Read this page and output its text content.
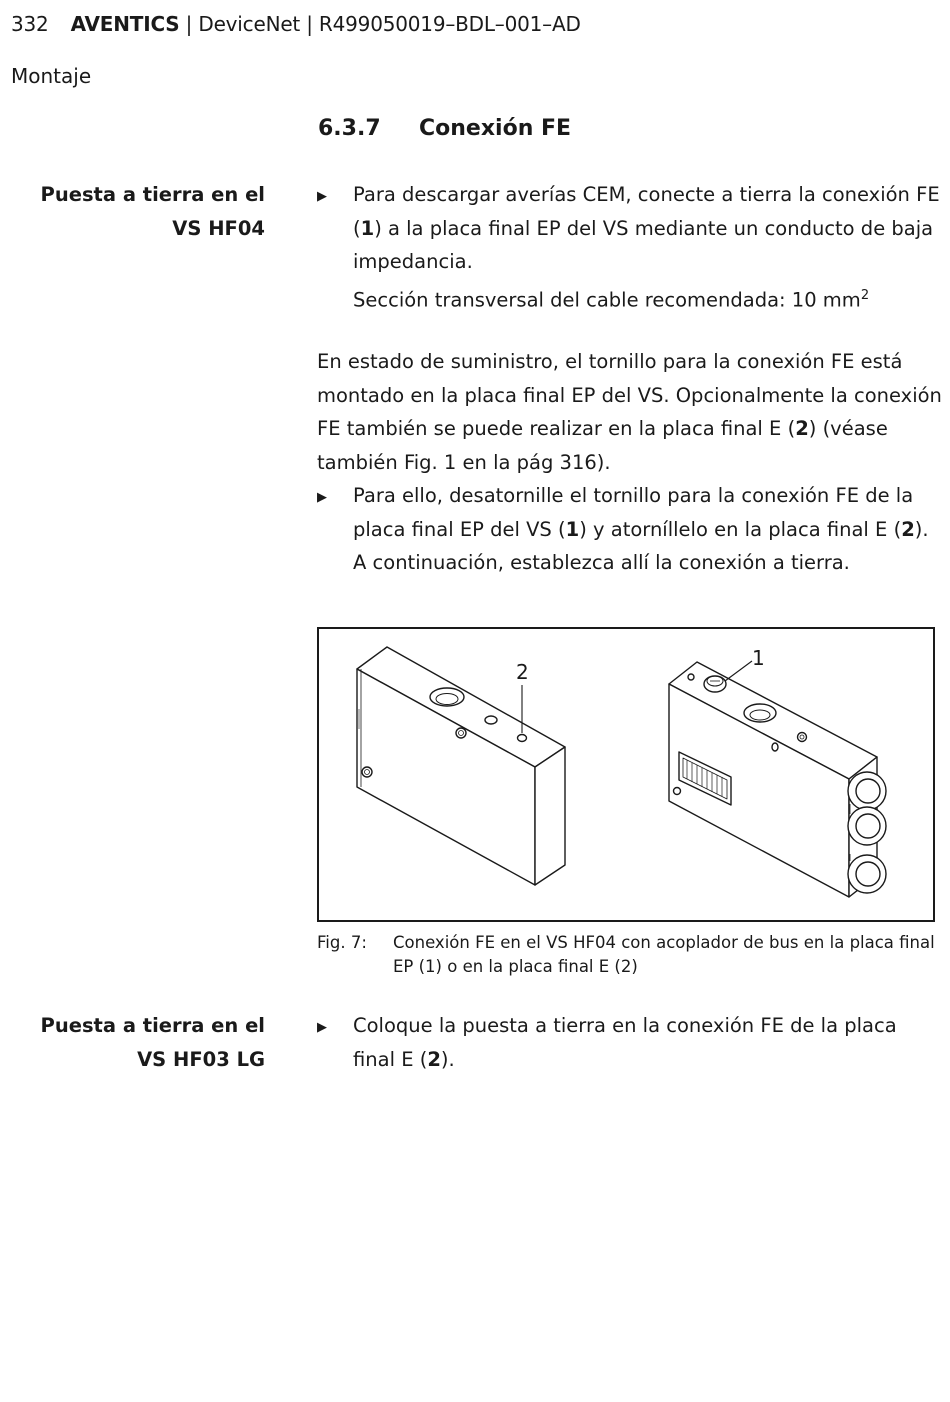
332 AVENTICS | DeviceNet | R499050019–BDL–001–AD
Montaje
6.3.7 Conexión FE
Puesta a tierra en el
VS HF04
▶ Para descargar averías CEM, conecte a tierra la conexión FE (1) a la placa final EP del VS mediante un conducto de baja impedancia.
Sección transversal del cable recomendada: 10 $mm^2$
En estado de suministro, el tornillo para la conexión FE está montado en la placa final EP del VS. Opcionalmente la conexión FE también se puede realizar en la placa final E (2) (véase también Fig. 1 en la pág 316).
▶ Para ello, desatornille el tornillo para la conexión FE de la placa final EP del VS (1) y atorníllelo en la placa final E (2). A continuación, establezca allí la conexión a tierra.
2
1
Fig. 7: Conexión FE en el VS HF04 con acoplador de bus en la placa final EP (1) o en la placa final E (2)
Puesta a tierra en el
VS HF03 LG
▶ Coloque la puesta a tierra en la conexión FE de la placa final E (2).
